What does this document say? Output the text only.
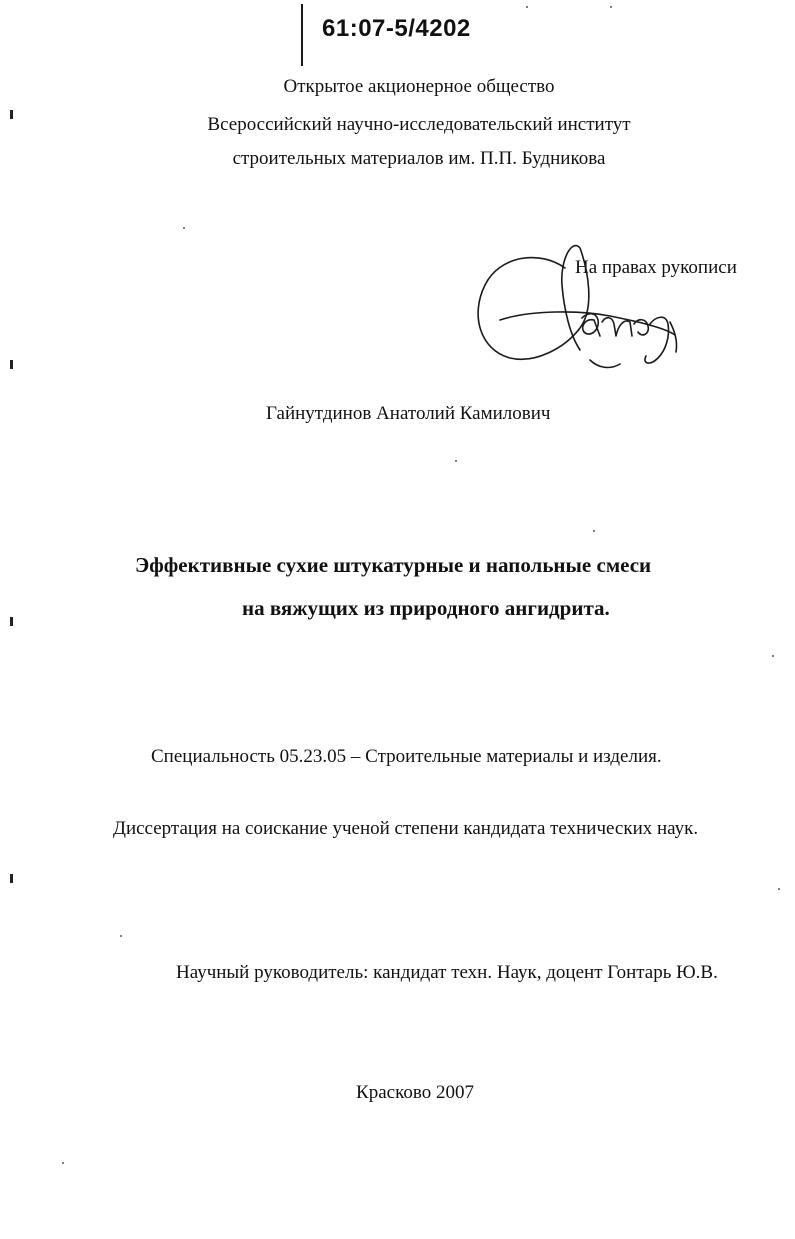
61:07-5/4202
Открытое акционерное общество
Всероссийский научно-исследовательский институт
строительных материалов им. П.П. Будникова
На правах рукописи
Гайнутдинов Анатолий Камилович
Эффективные сухие штукатурные и напольные смеси
на вяжущих из природного ангидрита.
Специальность 05.23.05 – Строительные материалы и изделия.
Диссертация на соискание ученой степени кандидата технических наук.
Научный руководитель: кандидат техн. Наук, доцент Гонтарь Ю.В.
Красково 2007
